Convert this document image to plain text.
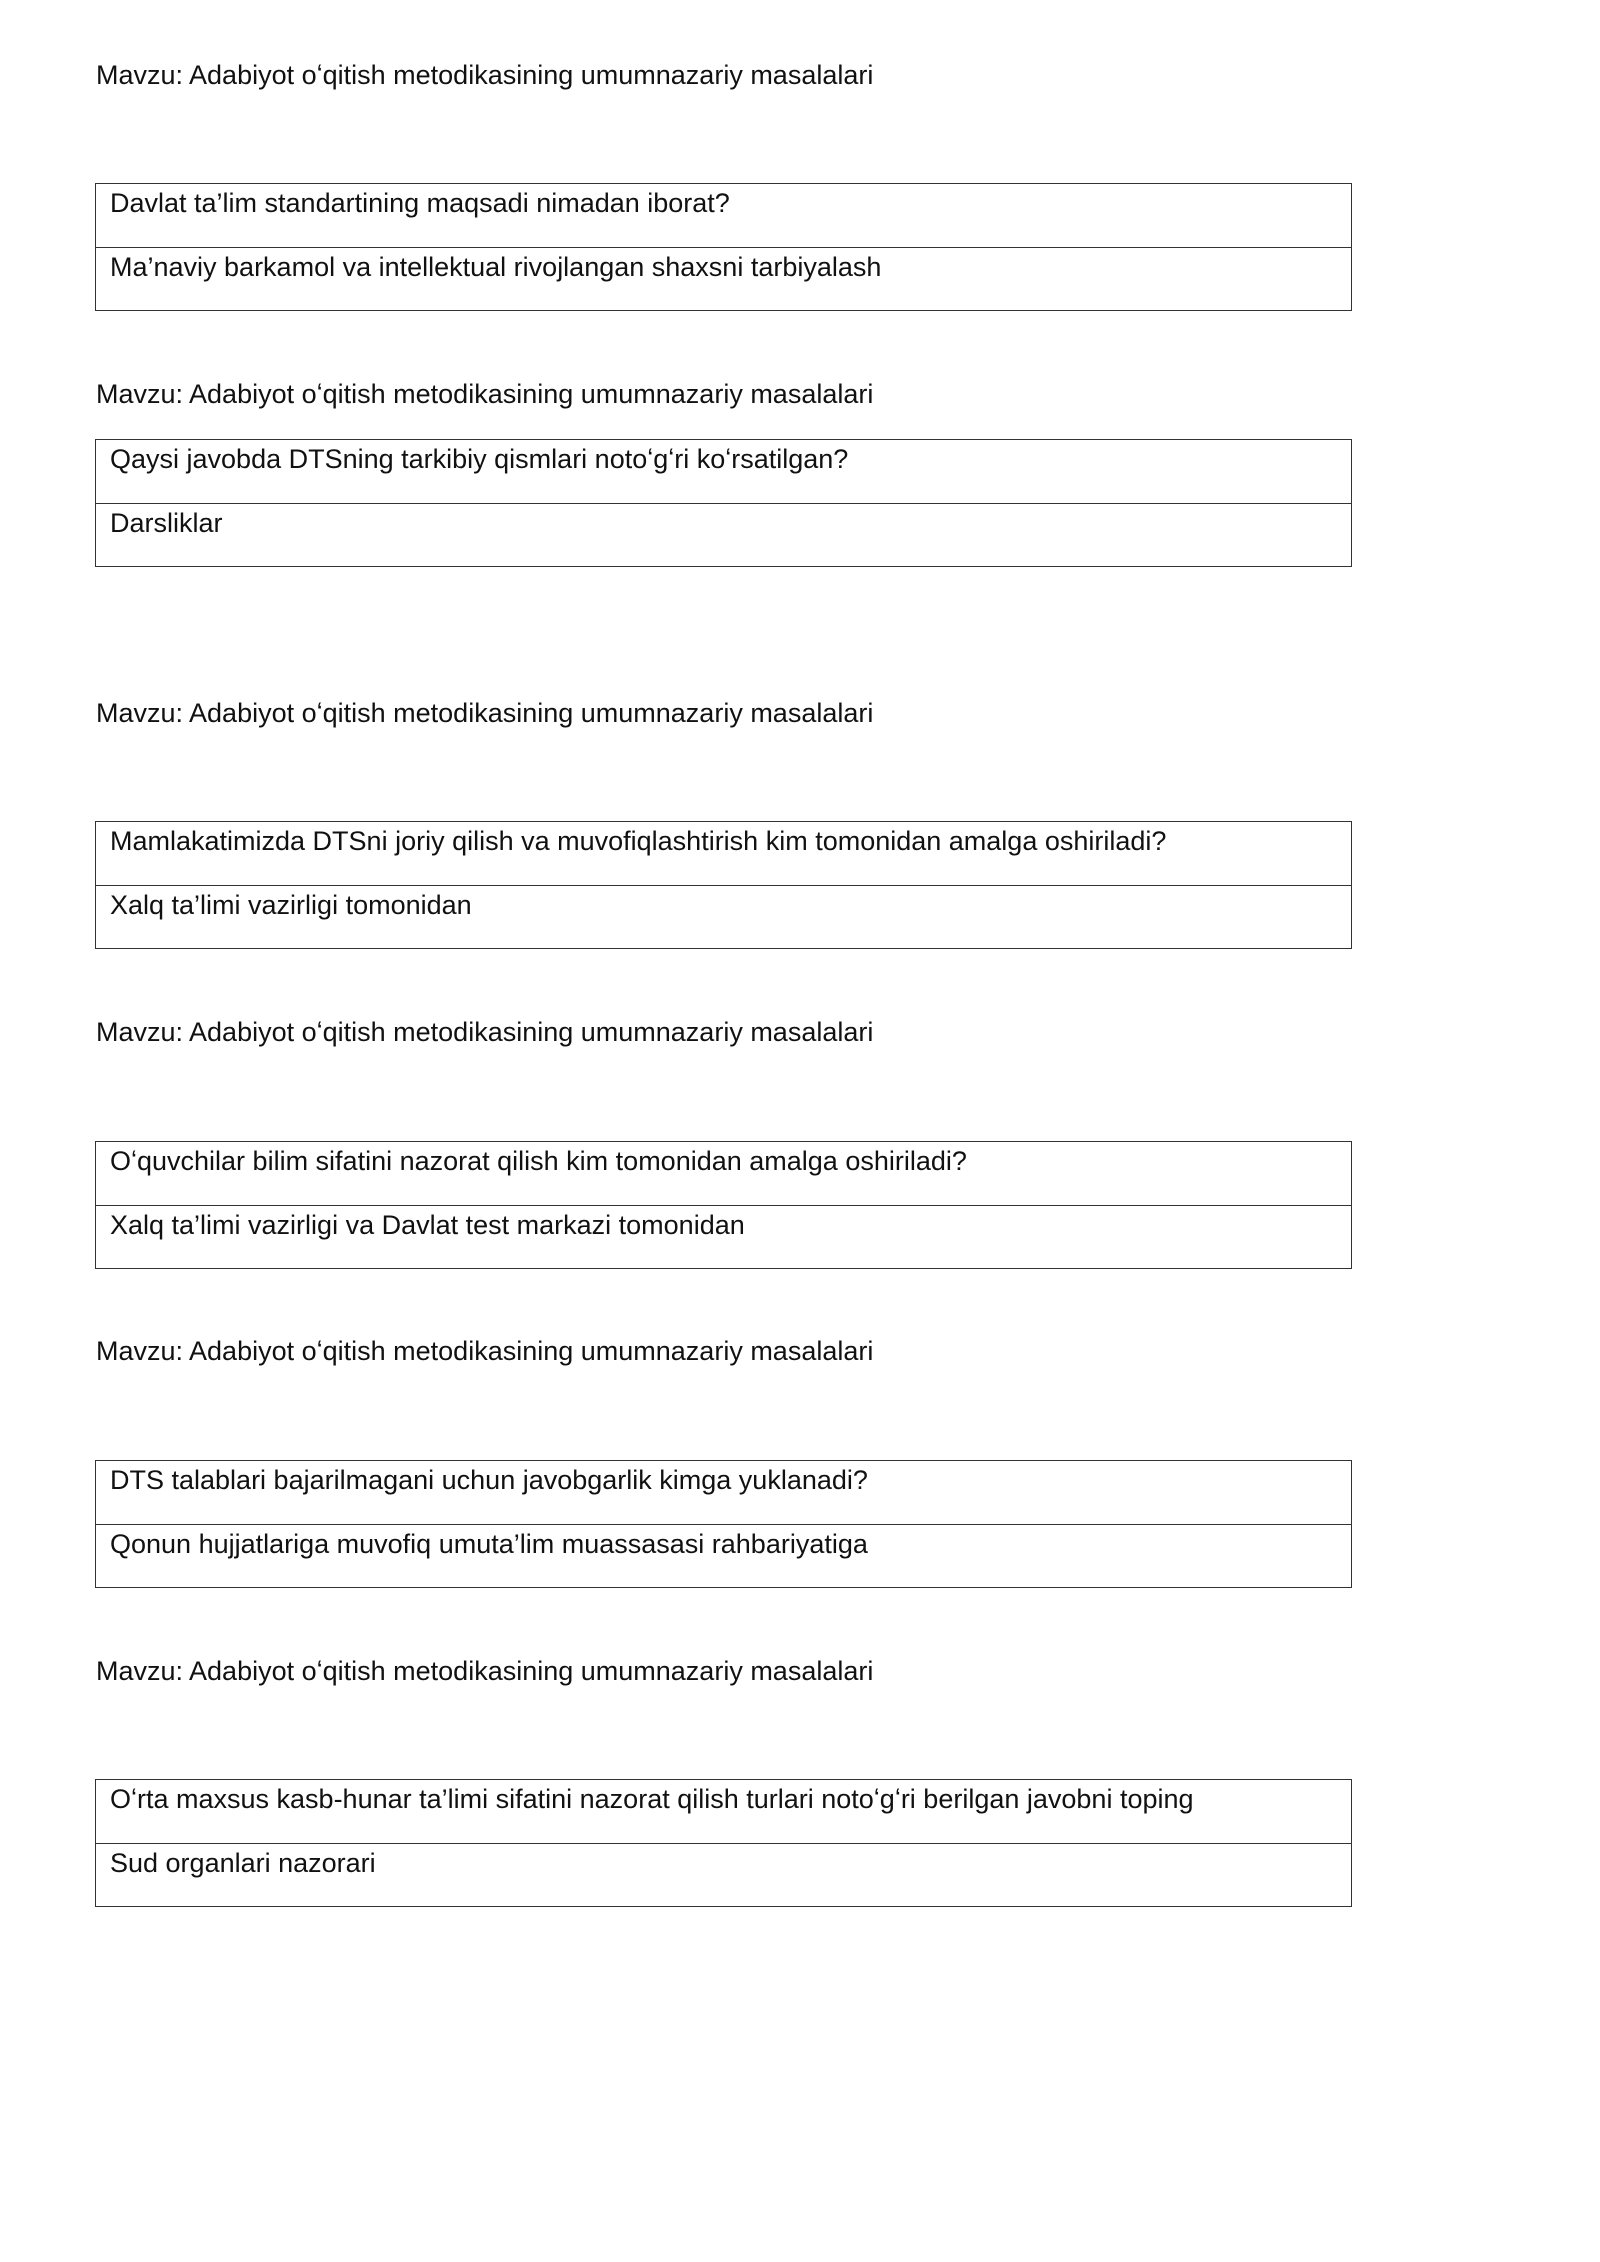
Mavzu: Adabiyot oʻqitish metodikasining umumnazariy masalalari
Davlat ta’lim standartining maqsadi nimadan iborat?
Ma’naviy barkamol va intellektual rivojlangan shaxsni tarbiyalash
Mavzu: Adabiyot oʻqitish metodikasining umumnazariy masalalari
Qaysi javobda DTSning tarkibiy qismlari notoʻgʻri koʻrsatilgan?
Darsliklar
Mavzu: Adabiyot oʻqitish metodikasining umumnazariy masalalari
Mamlakatimizda DTSni joriy qilish va muvofiqlashtirish kim tomonidan amalga oshiriladi?
Xalq ta’limi vazirligi tomonidan
Mavzu: Adabiyot oʻqitish metodikasining umumnazariy masalalari
Oʻquvchilar bilim sifatini nazorat qilish kim tomonidan amalga oshiriladi?
Xalq ta’limi vazirligi va Davlat test markazi tomonidan
Mavzu: Adabiyot oʻqitish metodikasining umumnazariy masalalari
DTS talablari bajarilmagani uchun javobgarlik kimga yuklanadi?
Qonun hujjatlariga muvofiq umuta’lim muassasasi rahbariyatiga
Mavzu: Adabiyot oʻqitish metodikasining umumnazariy masalalari
Oʻrta maxsus kasb-hunar ta’limi sifatini nazorat qilish turlari notoʻgʻri berilgan javobni toping
Sud organlari nazorari
